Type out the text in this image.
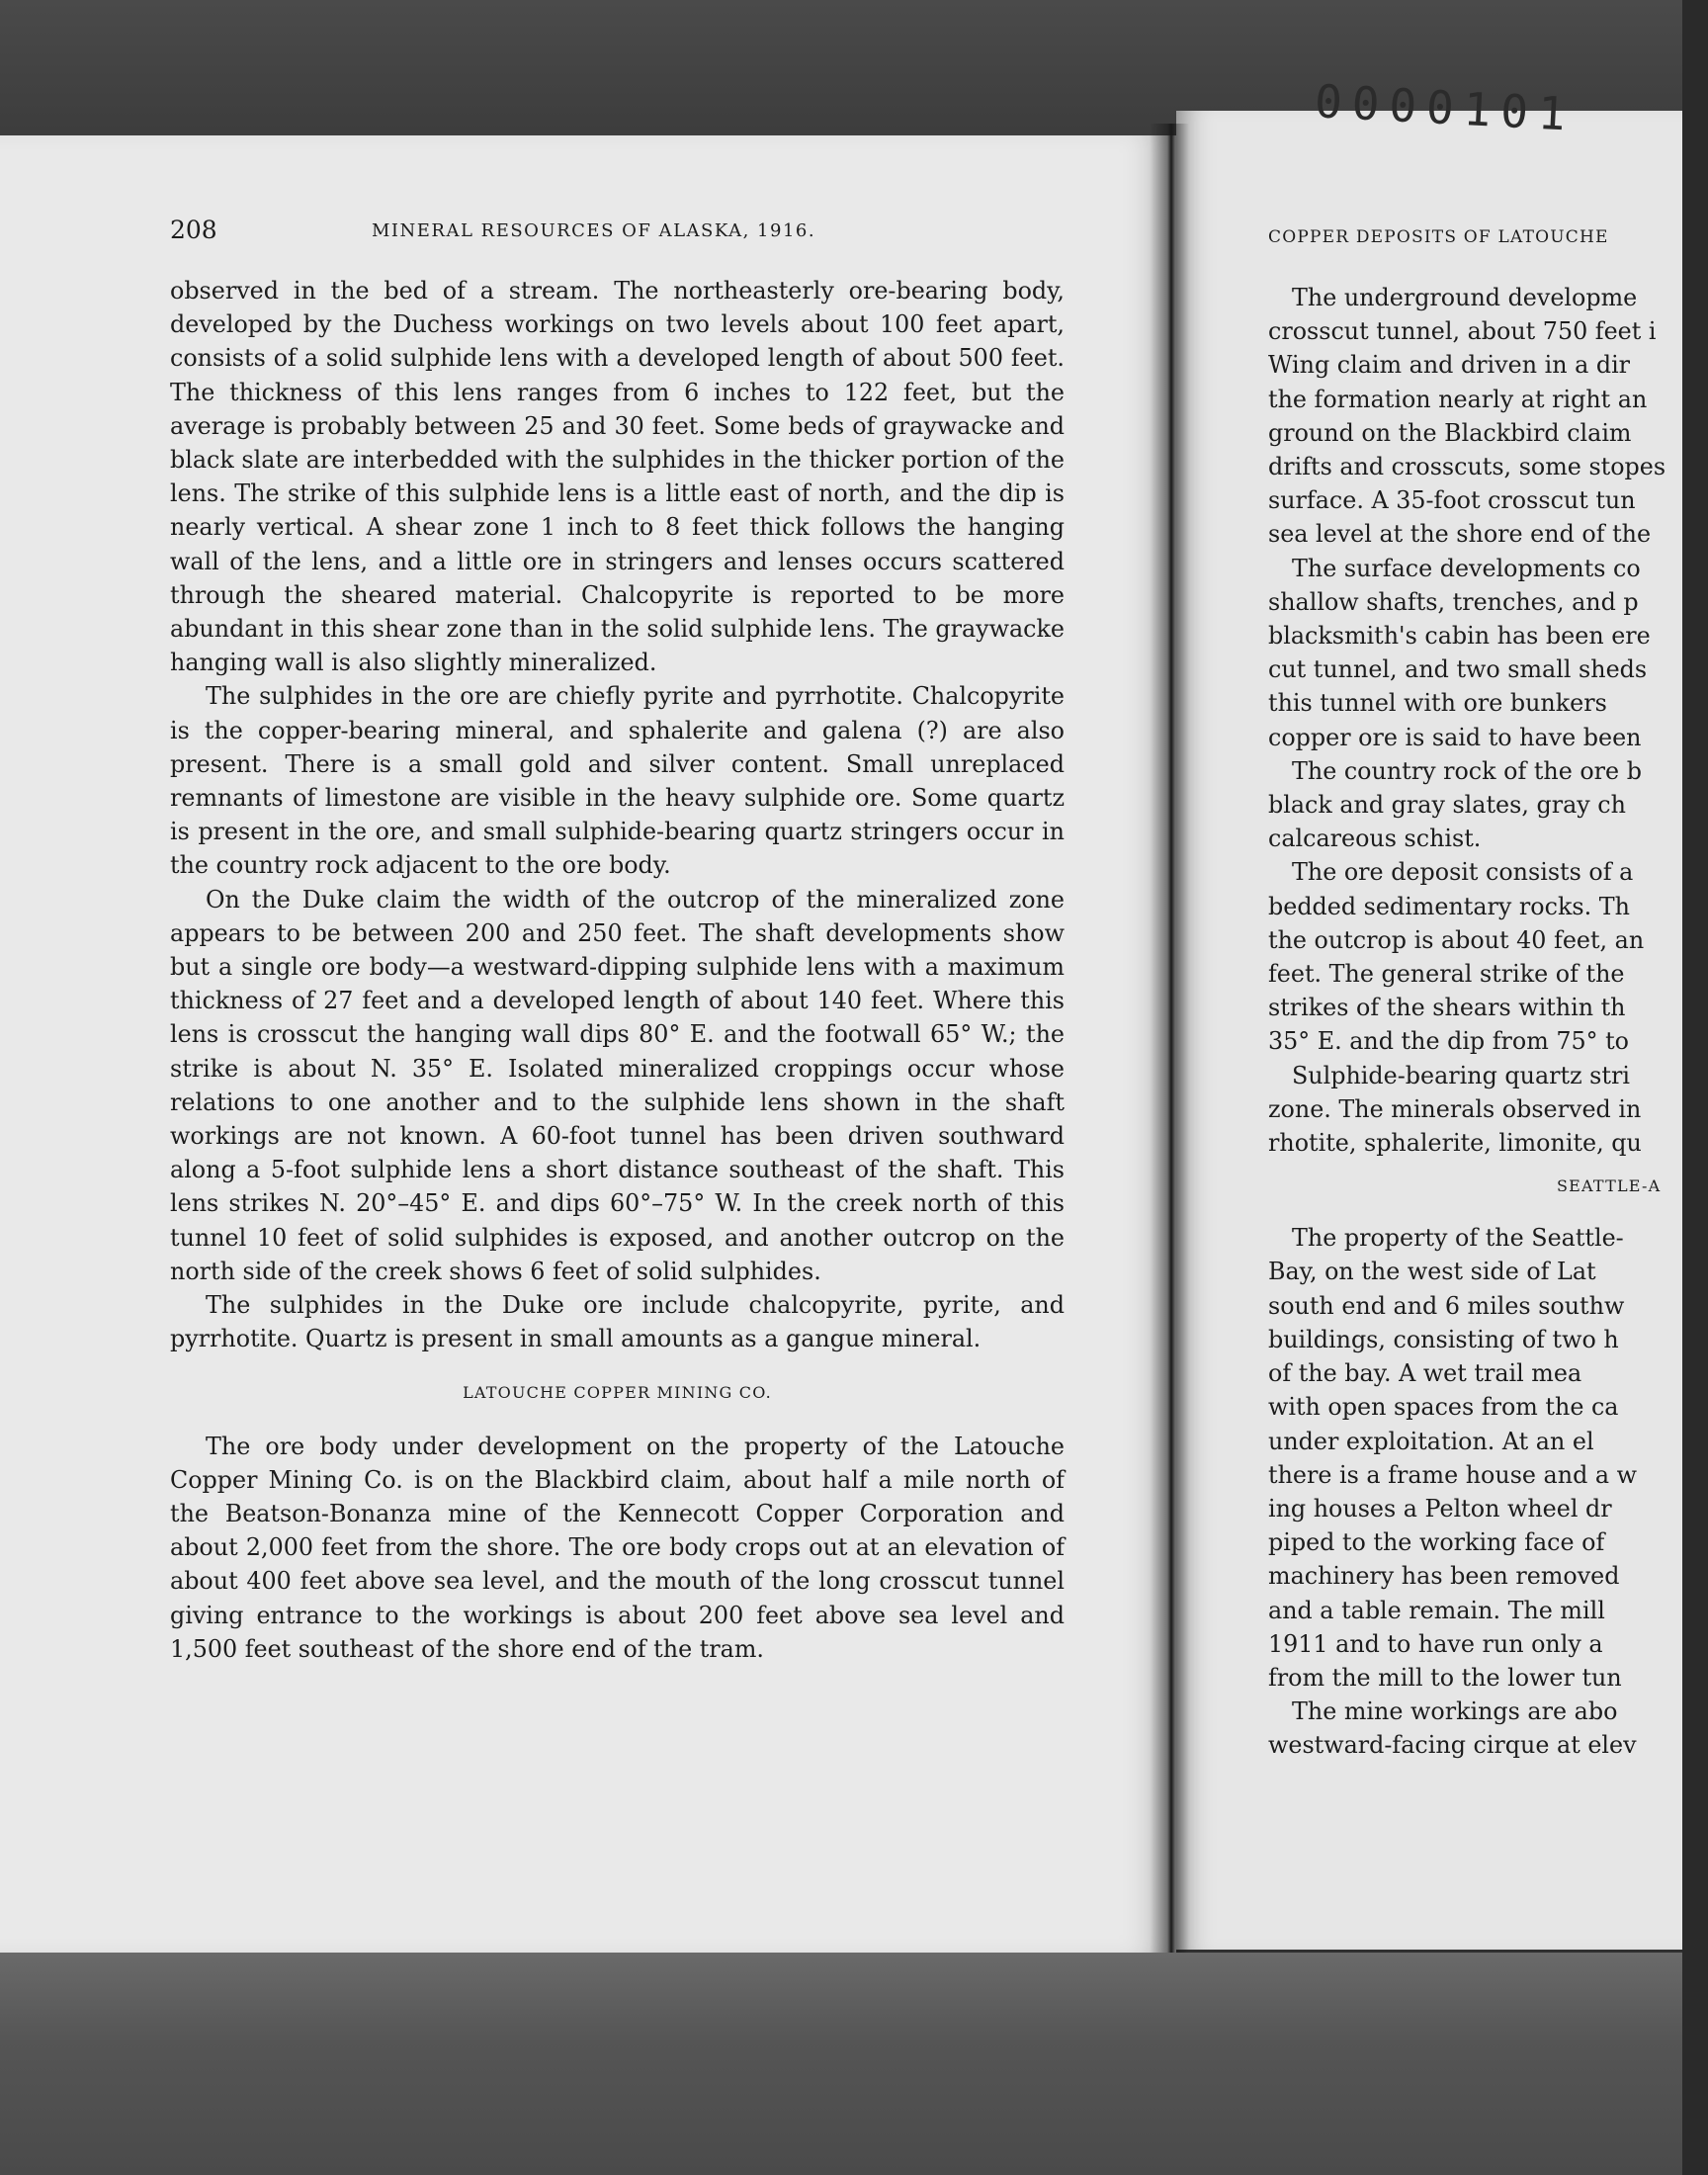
0000101
208	MINERAL RESOURCES OF ALASKA, 1916.

observed in the bed of a stream. The northeasterly ore-bearing body, developed by the Duchess workings on two levels about 100 feet apart, consists of a solid sulphide lens with a developed length of about 500 feet. The thickness of this lens ranges from 6 inches to 122 feet, but the average is probably between 25 and 30 feet. Some beds of graywacke and black slate are interbedded with the sulphides in the thicker portion of the lens. The strike of this sulphide lens is a little east of north, and the dip is nearly vertical. A shear zone 1 inch to 8 feet thick follows the hanging wall of the lens, and a little ore in stringers and lenses occurs scattered through the sheared material. Chalcopyrite is reported to be more abundant in this shear zone than in the solid sulphide lens. The graywacke hanging wall is also slightly mineralized.

The sulphides in the ore are chiefly pyrite and pyrrhotite. Chalcopyrite is the copper-bearing mineral, and sphalerite and galena (?) are also present. There is a small gold and silver content. Small unreplaced remnants of limestone are visible in the heavy sulphide ore. Some quartz is present in the ore, and small sulphide-bearing quartz stringers occur in the country rock adjacent to the ore body.

On the Duke claim the width of the outcrop of the mineralized zone appears to be between 200 and 250 feet. The shaft developments show but a single ore body—a westward-dipping sulphide lens with a maximum thickness of 27 feet and a developed length of about 140 feet. Where this lens is crosscut the hanging wall dips 80° E. and the footwall 65° W.; the strike is about N. 35° E. Isolated mineralized croppings occur whose relations to one another and to the sulphide lens shown in the shaft workings are not known. A 60-foot tunnel has been driven southward along a 5-foot sulphide lens a short distance southeast of the shaft. This lens strikes N. 20°–45° E. and dips 60°–75° W. In the creek north of this tunnel 10 feet of solid sulphides is exposed, and another outcrop on the north side of the creek shows 6 feet of solid sulphides.

The sulphides in the Duke ore include chalcopyrite, pyrite, and pyrrhotite. Quartz is present in small amounts as a gangue mineral.

LATOUCHE COPPER MINING CO.

The ore body under development on the property of the Latouche Copper Mining Co. is on the Blackbird claim, about half a mile north of the Beatson-Bonanza mine of the Kennecott Copper Corporation and about 2,000 feet from the shore. The ore body crops out at an elevation of about 400 feet above sea level, and the mouth of the long crosscut tunnel giving entrance to the workings is about 200 feet above sea level and 1,500 feet southeast of the shore end of the tram.

COPPER DEPOSITS OF LATOUCHE
The underground developme
crosscut tunnel, about 750 feet i
Wing claim and driven in a dir
the formation nearly at right an
ground on the Blackbird claim
drifts and crosscuts, some stopes
surface. A 35-foot crosscut tun
sea level at the shore end of the
The surface developments co
shallow shafts, trenches, and p
blacksmith's cabin has been ere
cut tunnel, and two small sheds
this tunnel with ore bunkers
copper ore is said to have been
The country rock of the ore b
black and gray slates, gray ch
calcareous schist.
The ore deposit consists of a
bedded sedimentary rocks. Th
the outcrop is about 40 feet, an
feet. The general strike of the
strikes of the shears within th
35° E. and the dip from 75° to
Sulphide-bearing quartz stri
zone. The minerals observed in
rhotite, sphalerite, limonite, qu
SEATTLE-A
The property of the Seattle-
Bay, on the west side of Lat
south end and 6 miles southw
buildings, consisting of two h
of the bay. A wet trail mea
with open spaces from the ca
under exploitation. At an el
there is a frame house and a w
ing houses a Pelton wheel dr
piped to the working face of
machinery has been removed
and a table remain. The mill
1911 and to have run only a
from the mill to the lower tun
The mine workings are abo
westward-facing cirque at elev
